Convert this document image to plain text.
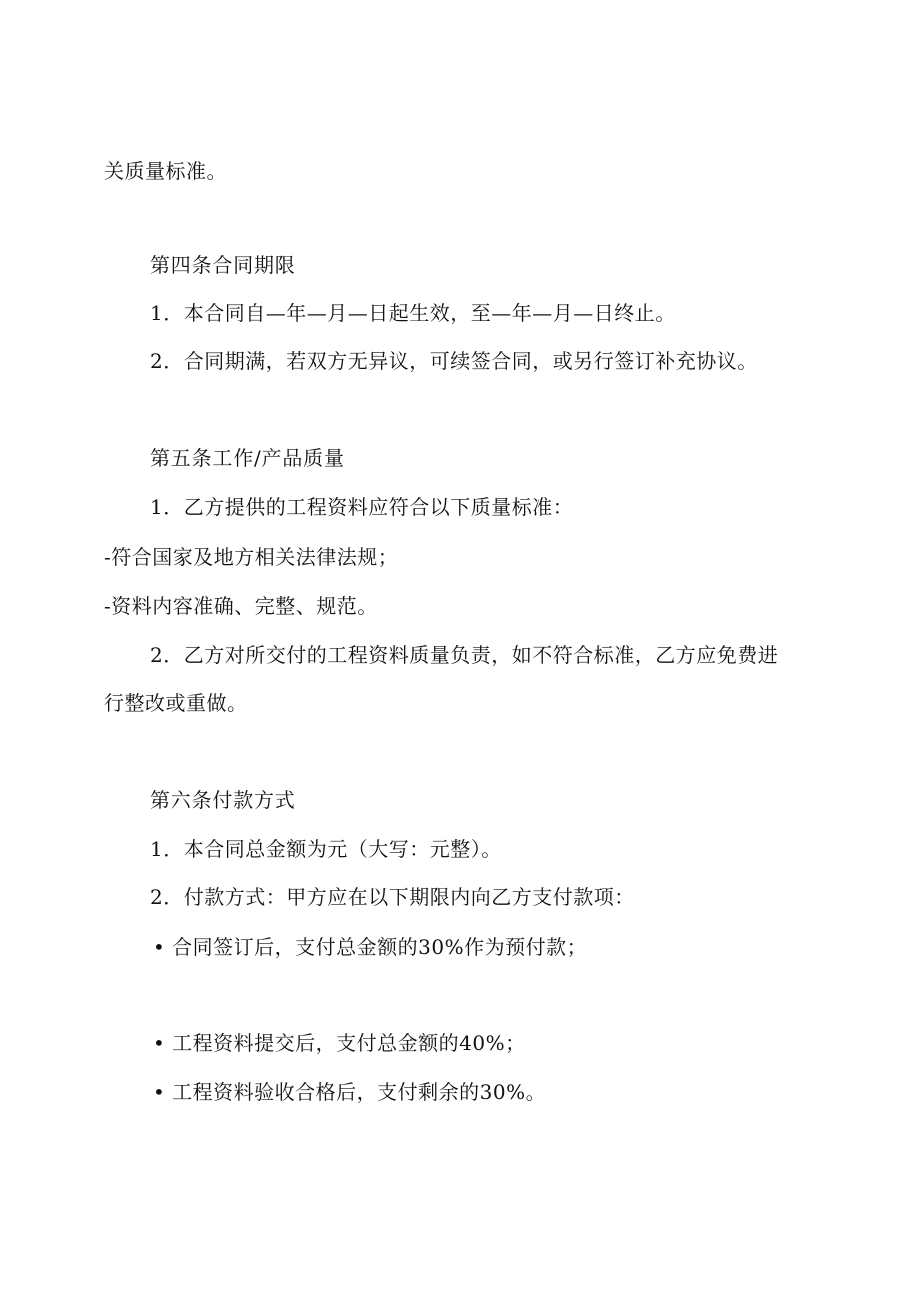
关质量标准。
第四条合同期限
1．本合同自—年—月—日起生效，至—年—月—日终止。
2．合同期满，若双方无异议，可续签合同，或另行签订补充协议。
第五条工作/产品质量
1．乙方提供的工程资料应符合以下质量标准：
-符合国家及地方相关法律法规；
-资料内容准确、完整、规范。
2．乙方对所交付的工程资料质量负责，如不符合标准，乙方应免费进
行整改或重做。
第六条付款方式
1．本合同总金额为元（大写：元整）。
2．付款方式：甲方应在以下期限内向乙方支付款项：
• 合同签订后，支付总金额的30%作为预付款；
• 工程资料提交后，支付总金额的40%；
• 工程资料验收合格后，支付剩余的30%。
